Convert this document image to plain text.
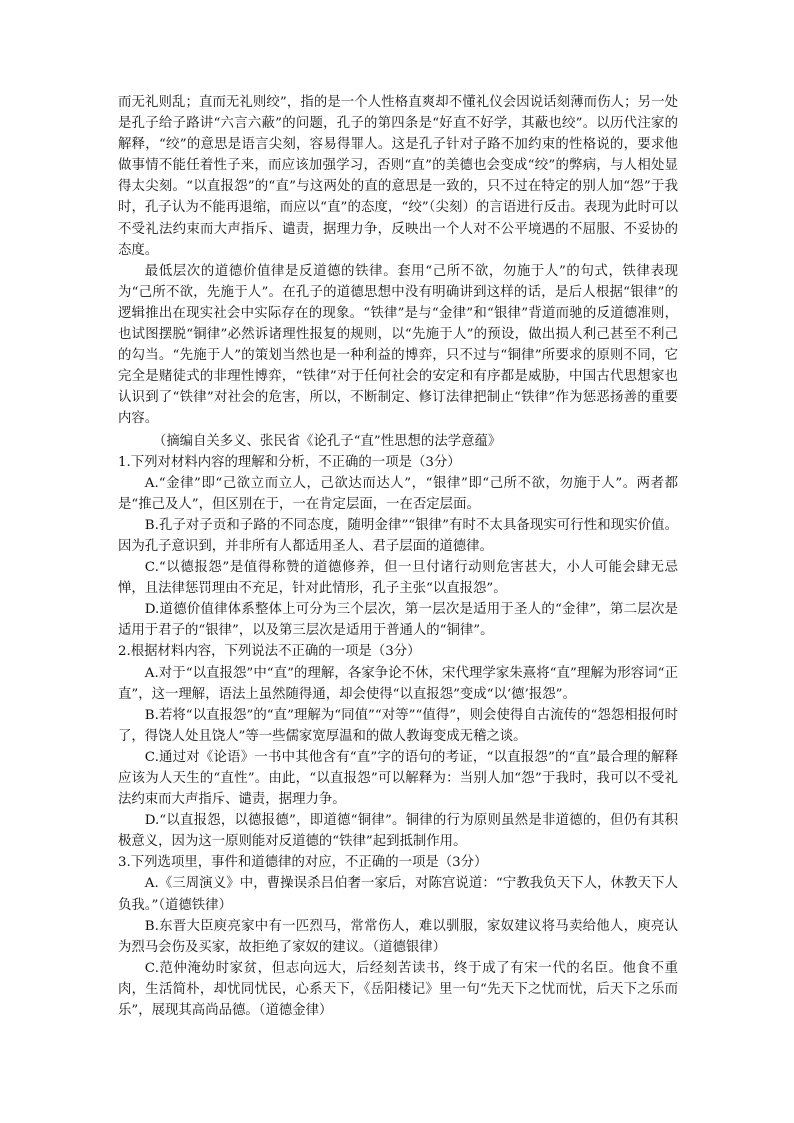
而无礼则乱；直而无礼则绞”，指的是一个人性格直爽却不懂礼仪会因说话刻薄而伤人；另一处是孔子给子路讲“六言六蔽”的问题，孔子的第四条是“好直不好学，其蔽也绞”。以历代注家的解释，“绞”的意思是语言尖刻，容易得罪人。这是孔子针对子路不加约束的性格说的，要求他做事情不能任着性子来，而应该加强学习，否则“直”的美德也会变成“绞”的弊病，与人相处显得太尖刻。“以直报怨”的“直”与这两处的直的意思是一致的，只不过在特定的别人加“怨”于我时，孔子认为不能再退缩，而应以“直”的态度，“绞”（尖刻）的言语进行反击。表现为此时可以不受礼法约束而大声指斥、谴责，据理力争，反映出一个人对不公平境遇的不屈服、不妥协的态度。

最低层次的道德价值律是反道德的铁律。套用“己所不欲，勿施于人”的句式，铁律表现为“己所不欲，先施于人”。在孔子的道德思想中没有明确讲到这样的话，是后人根据“银律”的逻辑推出在现实社会中实际存在的现象。“铁律”是与“金律”和“银律”背道而驰的反道德准则，也试图摆脱“铜律”必然诉诸理性报复的规则，以“先施于人”的预设，做出损人利己甚至不利己的勾当。“先施于人”的策划当然也是一种利益的博弈，只不过与“铜律”所要求的原则不同，它完全是赌徒式的非理性博弈，“铁律”对于任何社会的安定和有序都是威胁，中国古代思想家也认识到了“铁律”对社会的危害，所以，不断制定、修订法律把制止“铁律”作为惩恶扬善的重要内容。

（摘编自关多义、张民省《论孔子“直”性思想的法学意蕴》

1.下列对材料内容的理解和分析，不正确的一项是（3分）

A.“金律”即“己欲立而立人，己欲达而达人”，“银律”即“己所不欲，勿施于人”。两者都是“推己及人”，但区别在于，一在肯定层面，一在否定层面。

B.孔子对子贡和子路的不同态度，随明金律”“银律”有时不太具备现实可行性和现实价值。因为孔子意识到，并非所有人都适用圣人、君子层面的道德律。

C.“以德报怨”是值得称赞的道德修养，但一旦付诸行动则危害甚大，小人可能会肆无忌惮，且法律惩罚理由不充足，针对此情形，孔子主张“以直报怨”。

D.道德价值律体系整体上可分为三个层次，第一层次是适用于圣人的“金律”，第二层次是适用于君子的“银律”，以及第三层次是适用于普通人的“铜律”。

2.根据材料内容，下列说法不正确的一项是（3分）

A.对于“以直报怨”中“直”的理解，各家争论不休，宋代理学家朱熹将“直”理解为形容词“正直”，这一理解，语法上虽然随得通，却会使得“以直报怨”变成“以‘德’报怨”。

B.若将“以直报怨”的“直”理解为“同值”“对等”“值得”，则会使得自古流传的“怨怨相报何时了，得饶人处且饶人”等一些儒家宽厚温和的做人教诲变成无稽之谈。

C.通过对《论语》一书中其他含有“直”字的语句的考证，“以直报怨”的“直”最合理的解释应该为人天生的“直性”。由此，“以直报怨”可以解释为：当别人加“怨”于我时，我可以不受礼法约束而大声指斥、谴责，据理力争。

D.“以直报怨，以德报德”，即道德“铜律”。铜律的行为原则虽然是非道德的，但仍有其积极意义，因为这一原则能对反道德的“铁律”起到抵制作用。

3.下列选项里，事件和道德律的对应，不正确的一项是（3分）

A.《三周演义》中，曹操误杀吕伯奢一家后，对陈宫说道：“宁教我负天下人，休教天下人负我。”（道德铁律）

B.东晋大臣庾亮家中有一匹烈马，常常伤人，难以驯服，家奴建议将马卖给他人，庾亮认为烈马会伤及买家，故拒绝了家奴的建议。（道德银律）

C.范仲淹幼时家贫，但志向远大，后经刻苦读书，终于成了有宋一代的名臣。他食不重肉，生活简朴，却忧同忧民，心系天下，《岳阳楼记》里一句“先天下之忧而忧，后天下之乐而乐”，展现其高尚品德。（道德金律）
